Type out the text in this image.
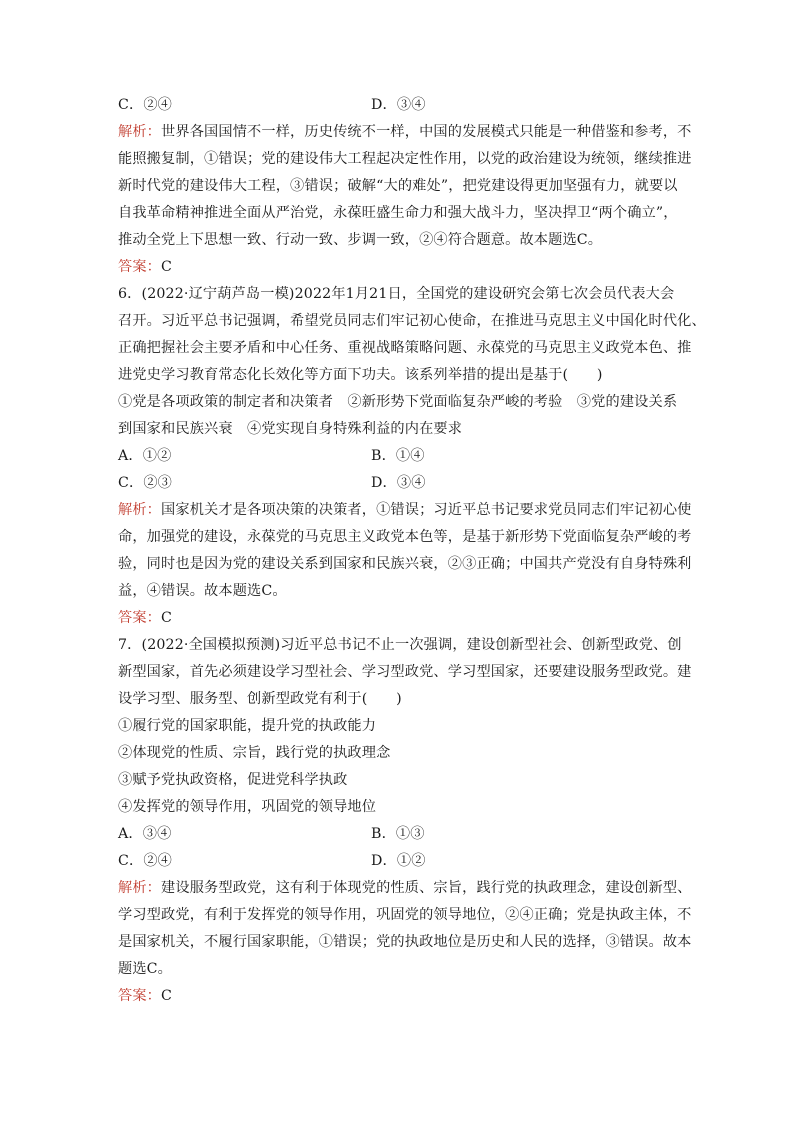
C．②④	D．③④
解析：世界各国国情不一样，历史传统不一样，中国的发展模式只能是一种借鉴和参考，不
能照搬复制，①错误；党的建设伟大工程起决定性作用，以党的政治建设为统领，继续推进
新时代党的建设伟大工程，③错误；破解“大的难处”，把党建设得更加坚强有力，就要以
自我革命精神推进全面从严治党，永葆旺盛生命力和强大战斗力，坚决捍卫“两个确立”，
推动全党上下思想一致、行动一致、步调一致，②④符合题意。故本题选C。
答案：C
6．(2022·辽宁葫芦岛一模)2022年1月21日，全国党的建设研究会第七次会员代表大会
召开。习近平总书记强调，希望党员同志们牢记初心使命，在推进马克思主义中国化时代化、
正确把握社会主要矛盾和中心任务、重视战略策略问题、永葆党的马克思主义政党本色、推
进党史学习教育常态化长效化等方面下功夫。该系列举措的提出是基于(　　)
①党是各项政策的制定者和决策者　②新形势下党面临复杂严峻的考验　③党的建设关系
到国家和民族兴衰　④党实现自身特殊利益的内在要求
A．①②	B．①④
C．②③	D．③④
解析：国家机关才是各项决策的决策者，①错误；习近平总书记要求党员同志们牢记初心使
命，加强党的建设，永葆党的马克思主义政党本色等，是基于新形势下党面临复杂严峻的考
验，同时也是因为党的建设关系到国家和民族兴衰，②③正确；中国共产党没有自身特殊利
益，④错误。故本题选C。
答案：C
7．(2022·全国模拟预测)习近平总书记不止一次强调，建设创新型社会、创新型政党、创
新型国家，首先必须建设学习型社会、学习型政党、学习型国家，还要建设服务型政党。建
设学习型、服务型、创新型政党有利于(　　)
①履行党的国家职能，提升党的执政能力
②体现党的性质、宗旨，践行党的执政理念
③赋予党执政资格，促进党科学执政
④发挥党的领导作用，巩固党的领导地位
A．③④	B．①③
C．②④	D．①②
解析：建设服务型政党，这有利于体现党的性质、宗旨，践行党的执政理念，建设创新型、
学习型政党，有利于发挥党的领导作用，巩固党的领导地位，②④正确；党是执政主体，不
是国家机关，不履行国家职能，①错误；党的执政地位是历史和人民的选择，③错误。故本
题选C。
答案：C
